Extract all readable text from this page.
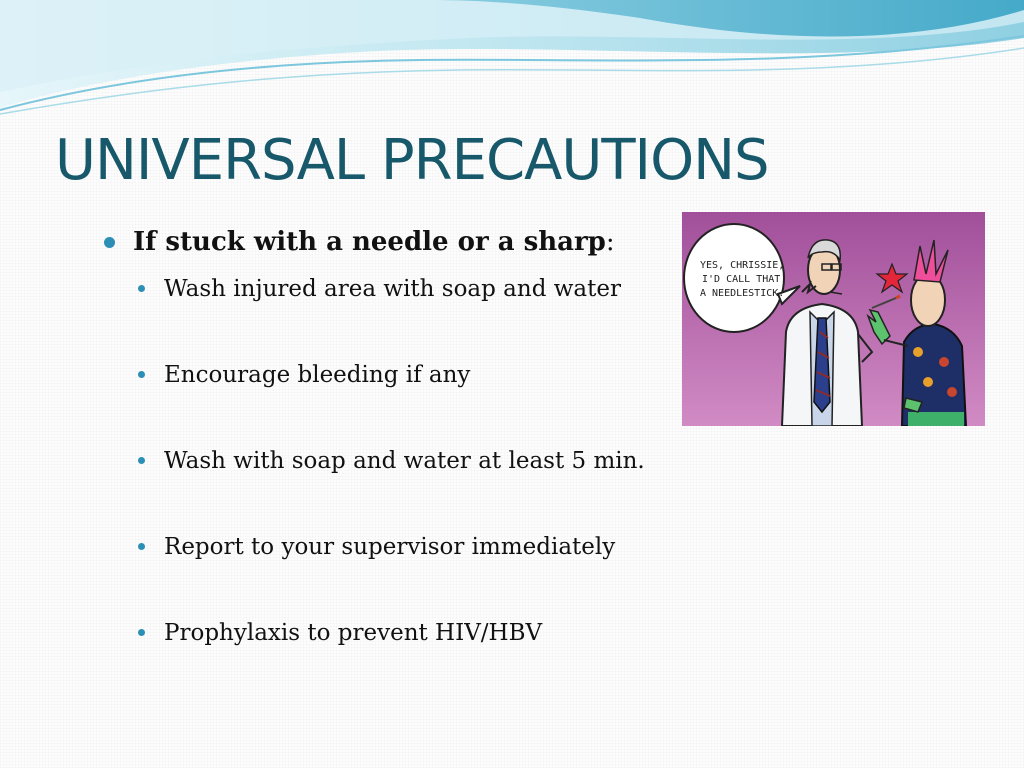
UNIVERSAL PRECAUTIONS
If stuck with a needle or a sharp:
Wash injured area with soap and water
Encourage bleeding if any
Wash with soap and water at least 5 min.
Report to your supervisor immediately
Prophylaxis to prevent HIV/HBV
YES, CHRISSIE,
I'D CALL THAT
A NEEDLESTICK.
